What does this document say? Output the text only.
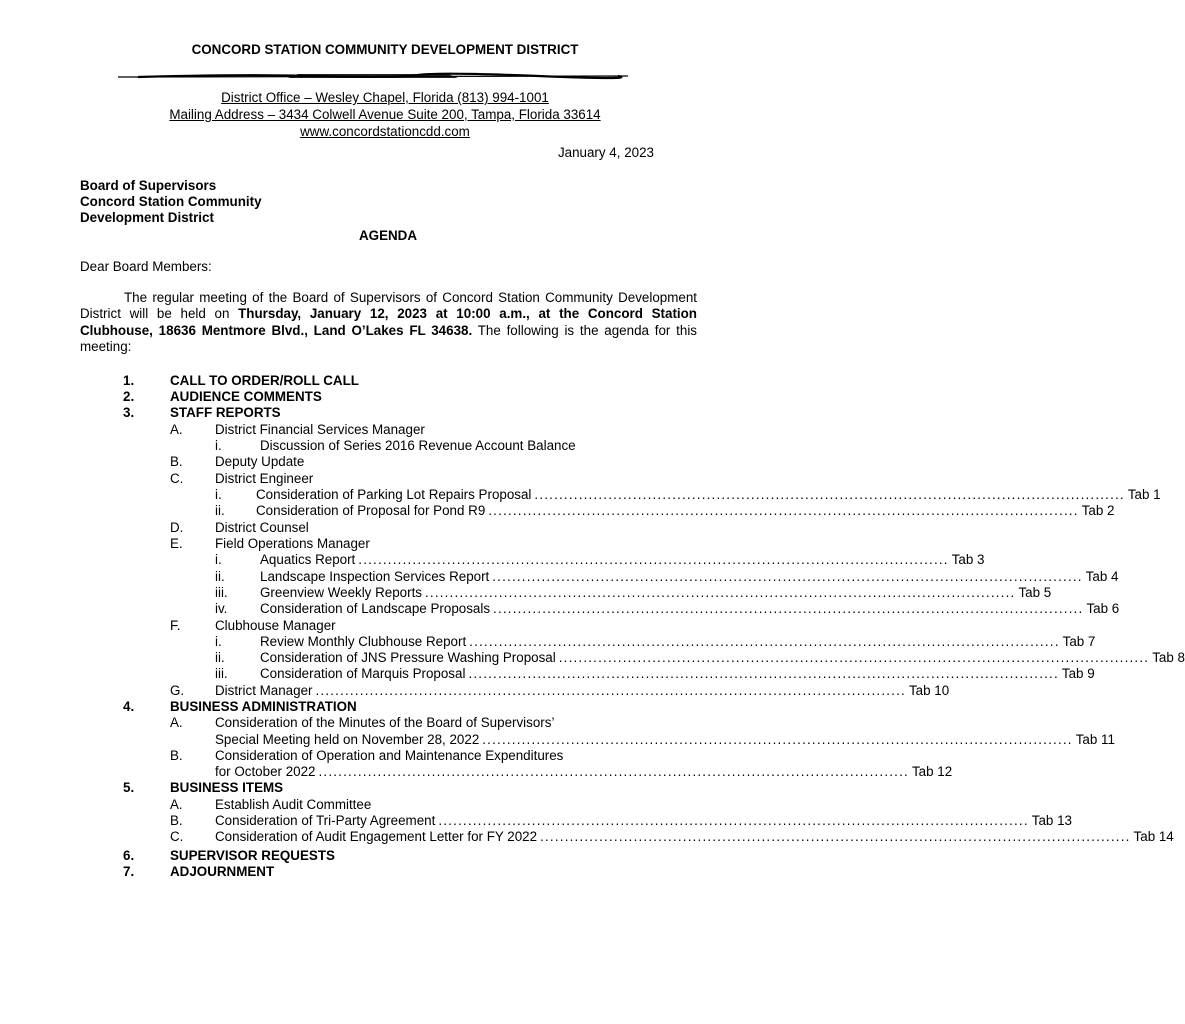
CONCORD STATION COMMUNITY DEVELOPMENT DISTRICT
District Office – Wesley Chapel, Florida (813) 994-1001
Mailing Address – 3434 Colwell Avenue Suite 200, Tampa, Florida 33614
www.concordstationcdd.com
January 4, 2023
Board of Supervisors
Concord Station Community
Development District
AGENDA
Dear Board Members:
The regular meeting of the Board of Supervisors of Concord Station Community Development District will be held on Thursday, January 12, 2023 at 10:00 a.m., at the Concord Station Clubhouse, 18636 Mentmore Blvd., Land O’Lakes FL 34638. The following is the agenda for this meeting:
1.	CALL TO ORDER/ROLL CALL
2.	AUDIENCE COMMENTS
3.	STAFF REPORTS
A. District Financial Services Manager
i.	Discussion of Series 2016 Revenue Account Balance
B. Deputy Update
C. District Engineer
i.	Consideration of Parking Lot Repairs Proposal ........................................................................................................................ Tab 1
ii. Consideration of Proposal for Pond R9 ........................................................................................................................ Tab 2
D. District Counsel
E. Field Operations Manager
i.	Aquatics Report ........................................................................................................................ Tab 3
ii.	Landscape Inspection Services Report ........................................................................................................................ Tab 4
iii. Greenview Weekly Reports ........................................................................................................................ Tab 5
iv. Consideration of Landscape Proposals ........................................................................................................................ Tab 6
F.	Clubhouse Manager
i.	Review Monthly Clubhouse Report ........................................................................................................................ Tab 7
ii.	Consideration of JNS Pressure Washing Proposal ........................................................................................................................ Tab 8
iii. Consideration of Marquis Proposal ........................................................................................................................ Tab 9
G. District Manager ........................................................................................................................ Tab 10
4.	BUSINESS ADMINISTRATION
A. Consideration of the Minutes of the Board of Supervisors’
Special Meeting held on November 28, 2022 ........................................................................................................................ Tab 11
B. Consideration of Operation and Maintenance Expenditures
for October 2022 ........................................................................................................................ Tab 12
5.	BUSINESS ITEMS
A. Establish Audit Committee
B. Consideration of Tri-Party Agreement ........................................................................................................................ Tab 13
C. Consideration of Audit Engagement Letter for FY 2022 ........................................................................................................................ Tab 14
6.	SUPERVISOR REQUESTS
7.	ADJOURNMENT
